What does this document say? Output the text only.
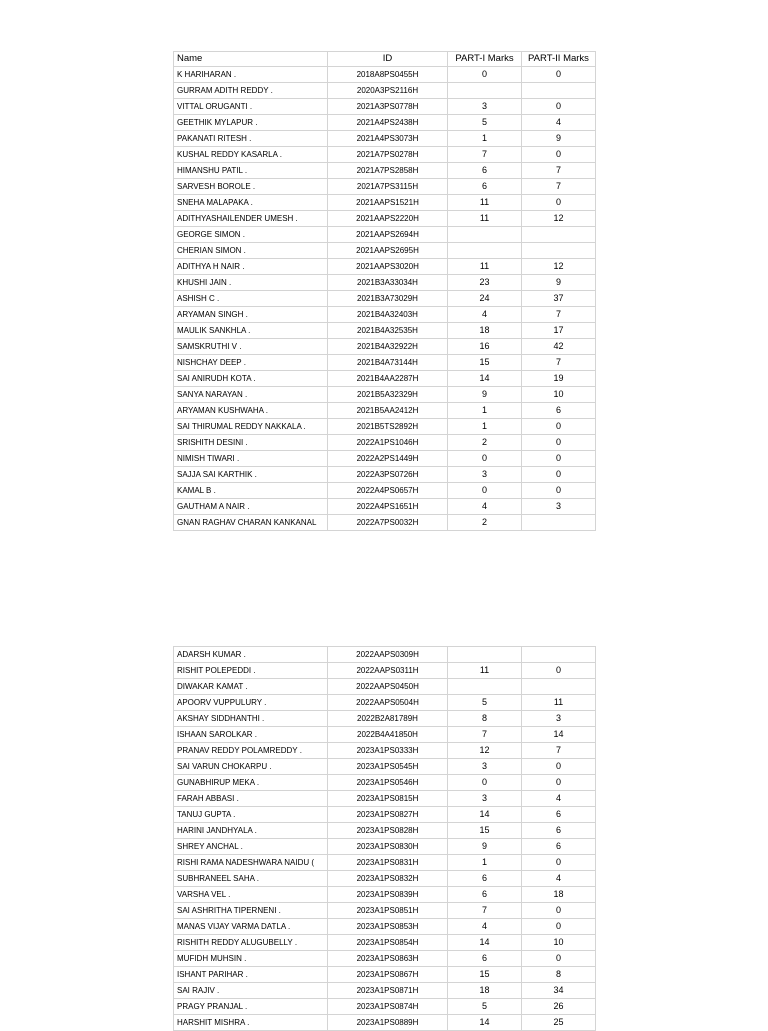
Name	ID	PART-I Marks	PART-II Marks
K HARIHARAN .	2018A8PS0455H	0	0
GURRAM ADITH REDDY .	2020A3PS2116H		
VITTAL ORUGANTI .	2021A3PS0778H	3	0
GEETHIK MYLAPUR .	2021A4PS2438H	5	4
PAKANATI RITESH .	2021A4PS3073H	1	9
KUSHAL REDDY KASARLA .	2021A7PS0278H	7	0
HIMANSHU PATIL .	2021A7PS2858H	6	7
SARVESH BOROLE .	2021A7PS3115H	6	7
SNEHA MALAPAKA .	2021AAPS1521H	11	0
ADITHYASHAILENDER UMESH .	2021AAPS2220H	11	12
GEORGE SIMON .	2021AAPS2694H		
CHERIAN SIMON .	2021AAPS2695H		
ADITHYA H NAIR .	2021AAPS3020H	11	12
KHUSHI JAIN .	2021B3A33034H	23	9
ASHISH C .	2021B3A73029H	24	37
ARYAMAN SINGH .	2021B4A32403H	4	7
MAULIK SANKHLA .	2021B4A32535H	18	17
SAMSKRUTHI V .	2021B4A32922H	16	42
NISHCHAY DEEP .	2021B4A73144H	15	7
SAI ANIRUDH KOTA .	2021B4AA2287H	14	19
SANYA NARAYAN .	2021B5A32329H	9	10
ARYAMAN KUSHWAHA .	2021B5AA2412H	1	6
SAI THIRUMAL REDDY NAKKALA .	2021B5TS2892H	1	0
SRISHITH DESINI .	2022A1PS1046H	2	0
NIMISH TIWARI .	2022A2PS1449H	0	0
SAJJA SAI KARTHIK .	2022A3PS0726H	3	0
KAMAL B .	2022A4PS0657H	0	0
GAUTHAM A NAIR .	2022A4PS1651H	4	3
GNAN RAGHAV CHARAN KANKANAL	2022A7PS0032H	2	
ADARSH KUMAR .	2022AAPS0309H		
RISHIT POLEPEDDI .	2022AAPS0311H	11	0
DIWAKAR KAMAT .	2022AAPS0450H		
APOORV VUPPULURY .	2022AAPS0504H	5	11
AKSHAY SIDDHANTHI .	2022B2A81789H	8	3
ISHAAN SAROLKAR .	2022B4A41850H	7	14
PRANAV REDDY POLAMREDDY .	2023A1PS0333H	12	7
SAI VARUN CHOKARPU .	2023A1PS0545H	3	0
GUNABHIRUP MEKA .	2023A1PS0546H	0	0
FARAH ABBASI .	2023A1PS0815H	3	4
TANUJ GUPTA .	2023A1PS0827H	14	6
HARINI JANDHYALA .	2023A1PS0828H	15	6
SHREY ANCHAL .	2023A1PS0830H	9	6
RISHI RAMA NADESHWARA NAIDU (	2023A1PS0831H	1	0
SUBHRANEEL SAHA .	2023A1PS0832H	6	4
VARSHA VEL .	2023A1PS0839H	6	18
SAI ASHRITHA TIPERNENI .	2023A1PS0851H	7	0
MANAS VIJAY VARMA DATLA .	2023A1PS0853H	4	0
RISHITH REDDY ALUGUBELLY .	2023A1PS0854H	14	10
MUFIDH MUHSIN .	2023A1PS0863H	6	0
ISHANT PARIHAR .	2023A1PS0867H	15	8
SAI RAJIV .	2023A1PS0871H	18	34
PRAGY PRANJAL .	2023A1PS0874H	5	26
HARSHIT MISHRA .	2023A1PS0889H	14	25
